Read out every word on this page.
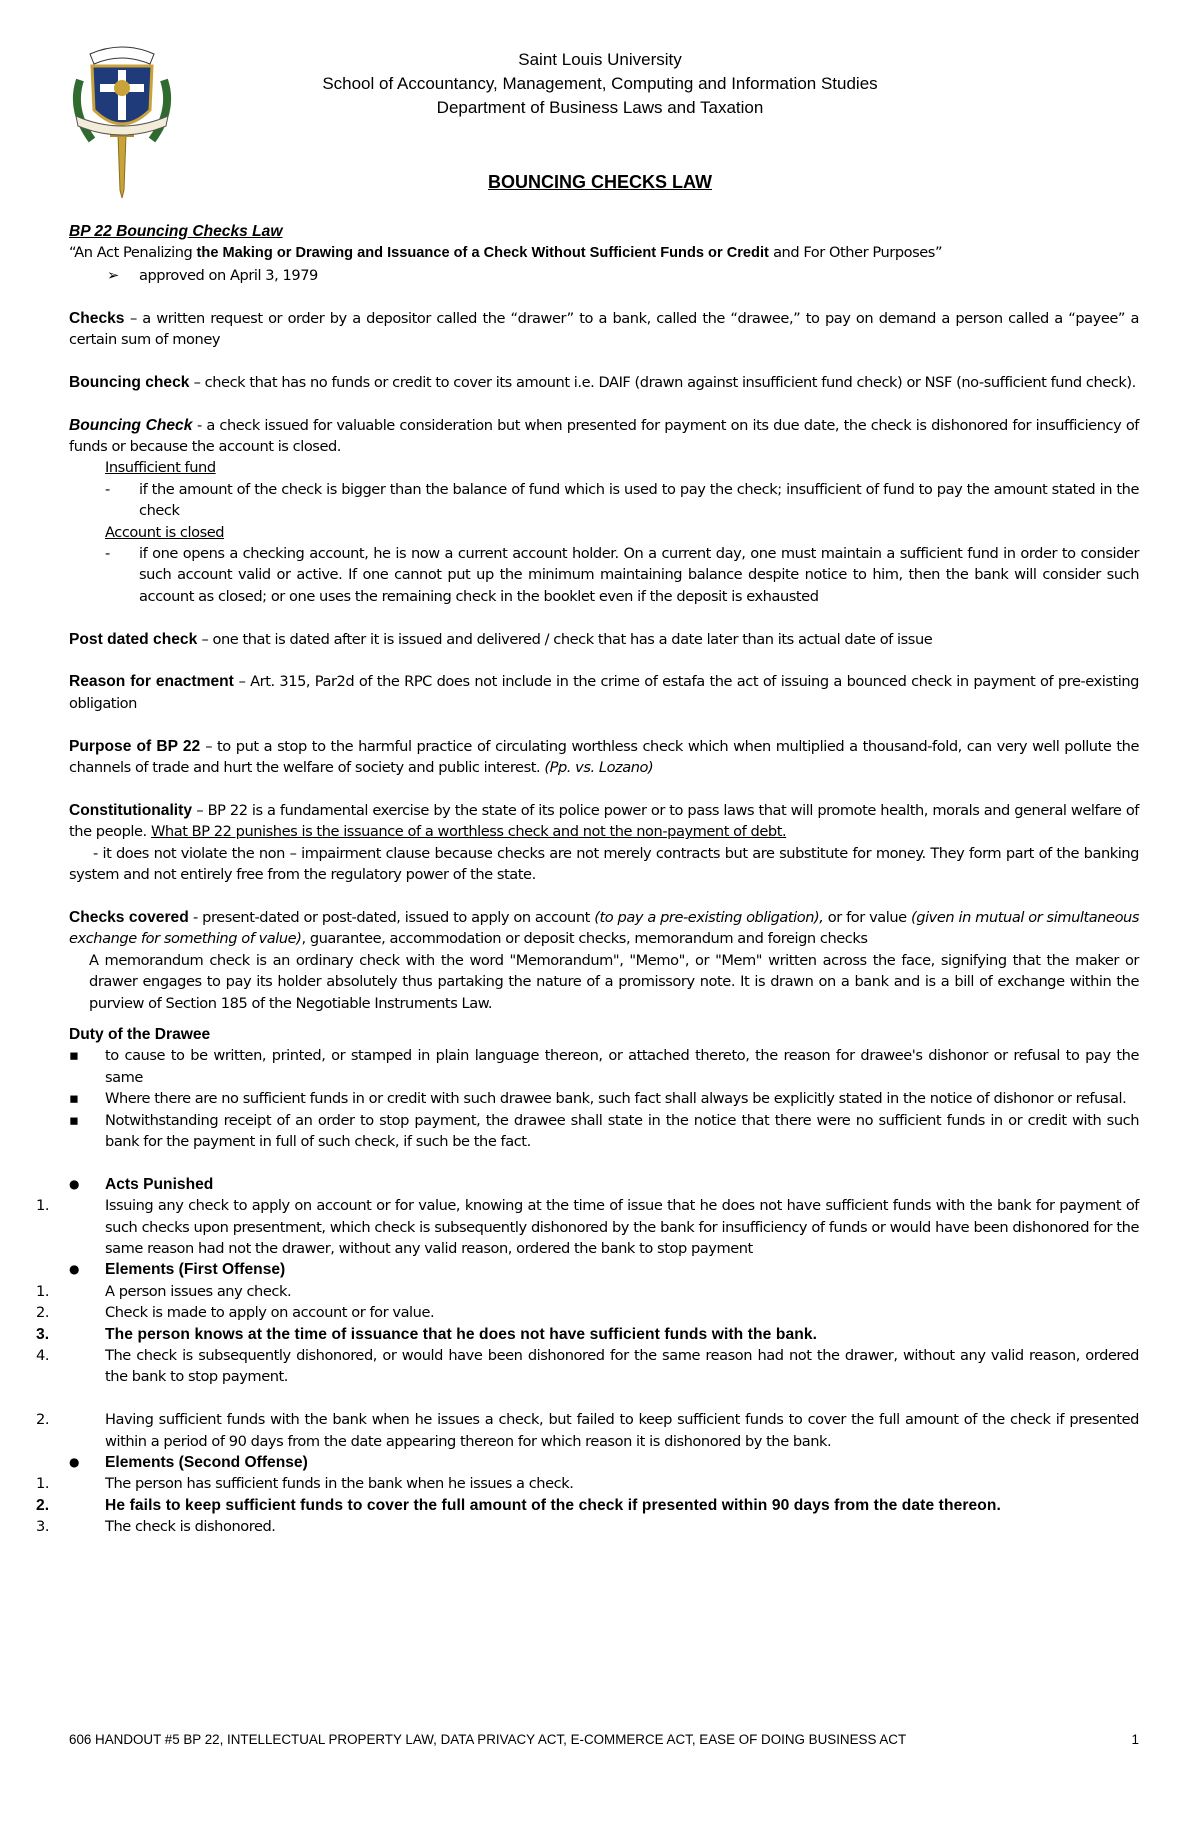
Saint Louis University
School of Accountancy, Management, Computing and Information Studies
Department of Business Laws and Taxation
BOUNCING CHECKS LAW

BP 22 Bouncing Checks Law

“An Act Penalizing the Making or Drawing and Issuance of a Check Without Sufficient Funds or Credit and For Other Purposes”

➢ approved on April 3, 1979

Checks – a written request or order by a depositor called the “drawer” to a bank, called the “drawee,” to pay on demand a person called a “payee” a certain sum of money

Bouncing check – check that has no funds or credit to cover its amount i.e. DAIF (drawn against insufficient fund check) or NSF (no-sufficient fund check).

Bouncing Check - a check issued for valuable consideration but when presented for payment on its due date, the check is dishonored for insufficiency of funds or because the account is closed.

Insufficient fund

- if the amount of the check is bigger than the balance of fund which is used to pay the check; insufficient of fund to pay the amount stated in the check

Account is closed

- if one opens a checking account, he is now a current account holder. On a current day, one must maintain a sufficient fund in order to consider such account valid or active. If one cannot put up the minimum maintaining balance despite notice to him, then the bank will consider such account as closed; or one uses the remaining check in the booklet even if the deposit is exhausted

Post dated check – one that is dated after it is issued and delivered / check that has a date later than its actual date of issue

Reason for enactment – Art. 315, Par2d of the RPC does not include in the crime of estafa the act of issuing a bounced check in payment of pre-existing obligation

Purpose of BP 22 – to put a stop to the harmful practice of circulating worthless check which when multiplied a thousand-fold, can very well pollute the channels of trade and hurt the welfare of society and public interest. (Pp. vs. Lozano)

Constitutionality – BP 22 is a fundamental exercise by the state of its police power or to pass laws that will promote health, morals and general welfare of the people. What BP 22 punishes is the issuance of a worthless check and not the non-payment of debt.

- it does not violate the non – impairment clause because checks are not merely contracts but are substitute for money. They form part of the banking system and not entirely free from the regulatory power of the state.

Checks covered - present-dated or post-dated, issued to apply on account (to pay a pre-existing obligation), or for value (given in mutual or simultaneous exchange for something of value), guarantee, accommodation or deposit checks, memorandum and foreign checks

A memorandum check is an ordinary check with the word "Memorandum", "Memo", or "Mem" written across the face, signifying that the maker or drawer engages to pay its holder absolutely thus partaking the nature of a promissory note. It is drawn on a bank and is a bill of exchange within the purview of Section 185 of the Negotiable Instruments Law.

Duty of the Drawee

▪ to cause to be written, printed, or stamped in plain language thereon, or attached thereto, the reason for drawee's dishonor or refusal to pay the same

▪ Where there are no sufficient funds in or credit with such drawee bank, such fact shall always be explicitly stated in the notice of dishonor or refusal.

▪ Notwithstanding receipt of an order to stop payment, the drawee shall state in the notice that there were no sufficient funds in or credit with such bank for the payment in full of such check, if such be the fact.

● Acts Punished

1.	Issuing any check to apply on account or for value, knowing at the time of issue that he does not have sufficient funds with the bank for payment of such checks upon presentment, which check is subsequently dishonored by the bank for insufficiency of funds or would have been dishonored for the same reason had not the drawer, without any valid reason, ordered the bank to stop payment

● Elements (First Offense)

1.	A person issues any check.

2.	Check is made to apply on account or for value.

3.	The person knows at the time of issuance that he does not have sufficient funds with the bank.

4.	The check is subsequently dishonored, or would have been dishonored for the same reason had not the drawer, without any valid reason, ordered the bank to stop payment.

2.	Having sufficient funds with the bank when he issues a check, but failed to keep sufficient funds to cover the full amount of the check if presented within a period of 90 days from the date appearing thereon for which reason it is dishonored by the bank.

● Elements (Second Offense)

1.	The person has sufficient funds in the bank when he issues a check.

2.	He fails to keep sufficient funds to cover the full amount of the check if presented within 90 days from the date thereon.

3.	The check is dishonored.

606 HANDOUT #5 BP 22, INTELLECTUAL PROPERTY LAW, DATA PRIVACY ACT, E-COMMERCE ACT, EASE OF DOING BUSINESS ACT	1
